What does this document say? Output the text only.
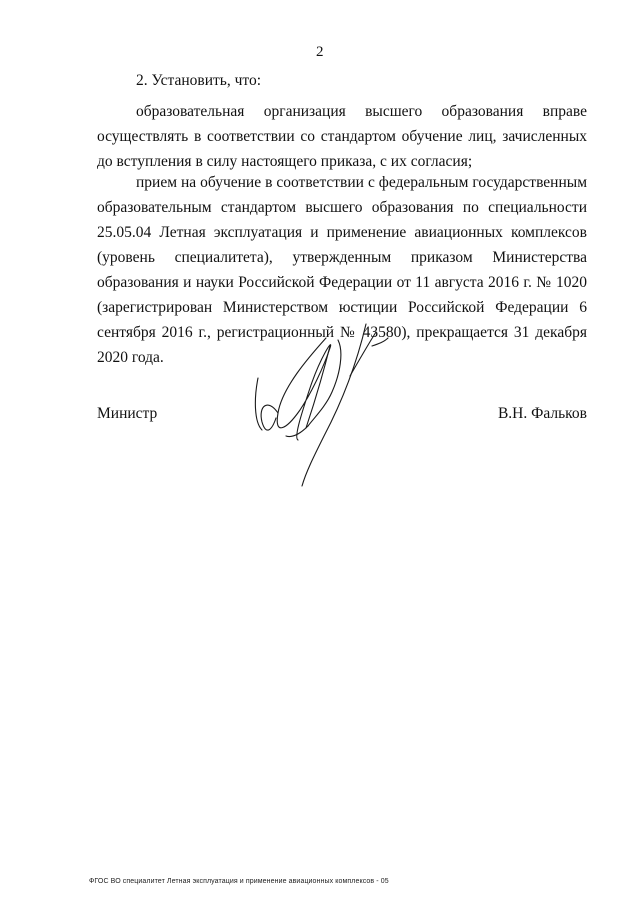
2
2. Установить, что:
образовательная организация высшего образования вправе осуществлять в соответствии со стандартом обучение лиц, зачисленных до вступления в силу настоящего приказа, с их согласия;
прием на обучение в соответствии с федеральным государственным образовательным стандартом высшего образования по специальности 25.05.04 Летная эксплуатация и применение авиационных комплексов (уровень специалитета), утвержденным приказом Министерства образования и науки Российской Федерации от 11 августа 2016 г. № 1020 (зарегистрирован Министерством юстиции Российской Федерации 6 сентября 2016 г., регистрационный № 43580), прекращается 31 декабря 2020 года.
Министр	В.Н. Фальков
ФГОС ВО специалитет Летная эксплуатация и применение авиационных комплексов - 05
